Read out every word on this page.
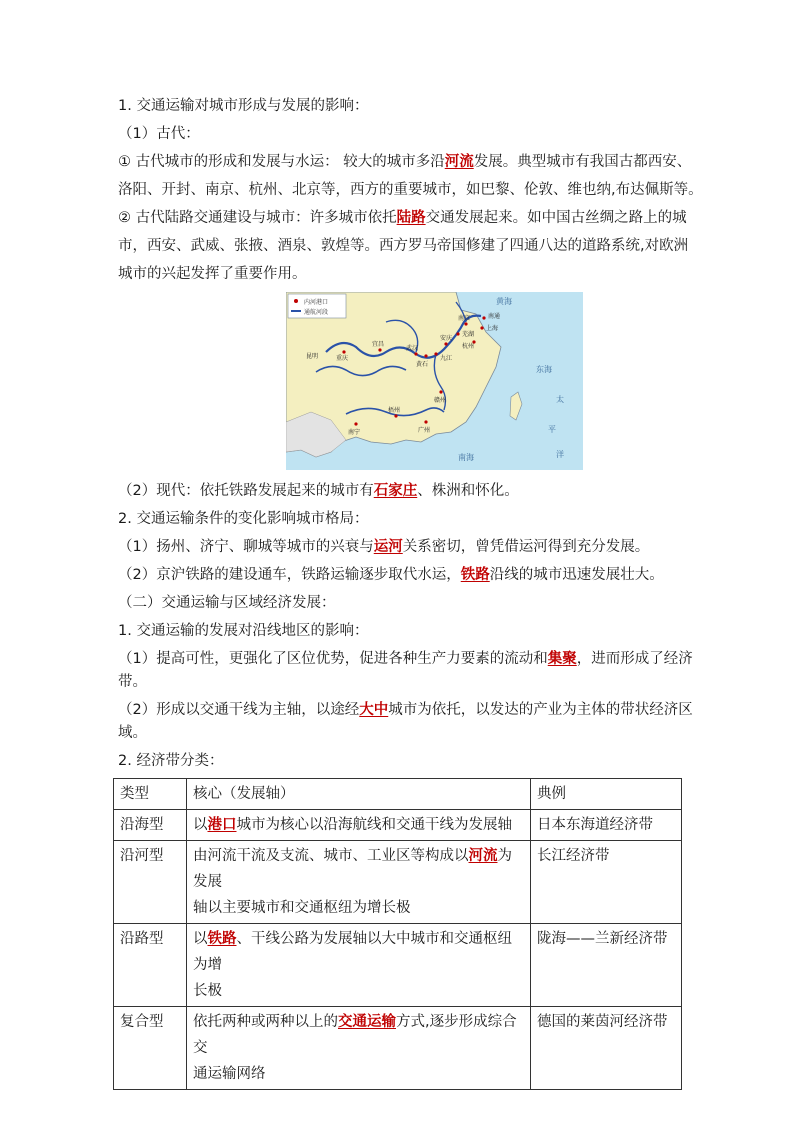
1. 交通运输对城市形成与发展的影响：
（1）古代：
① 古代城市的形成和发展与水运： 较大的城市多沿河流发展。典型城市有我国古都西安、
洛阳、开封、南京、杭州、北京等，西方的重要城市，如巴黎、伦敦、维也纳,布达佩斯等。
② 古代陆路交通建设与城市：许多城市依托陆路交通发展起来。如中国古丝绸之路上的城
市，西安、武威、张掖、酒泉、敦煌等。西方罗马帝国修建了四通八达的道路系统,对欧洲
城市的兴起发挥了重要作用。
内河港口
通航河段
重庆
宜昌
武汉
南京
芜湖
南通
上海
杭州
安庆
九江
黄石
赣州
梧州
广州
南宁
昆明
黄海
东海
南海
太
平
洋
（2）现代：依托铁路发展起来的城市有石家庄、株洲和怀化。
2. 交通运输条件的变化影响城市格局：
（1）扬州、济宁、聊城等城市的兴衰与运河关系密切，曾凭借运河得到充分发展。
（2）京沪铁路的建设通车，铁路运输逐步取代水运，铁路沿线的城市迅速发展壮大。
（二）交通运输与区域经济发展：
1. 交通运输的发展对沿线地区的影响：
（1）提高可性，更强化了区位优势，促进各种生产力要素的流动和集聚，进而形成了经济
带。
（2）形成以交通干线为主轴，以途经大中城市为依托，以发达的产业为主体的带状经济区
域。
2. 经济带分类：
类型	核心（发展轴）	典例
沿海型	以港口城市为核心以沿海航线和交通干线为发展轴	日本东海道经济带
沿河型	由河流干流及支流、城市、工业区等构成以河流为发展
轴以主要城市和交通枢纽为增长极	长江经济带
沿路型	以铁路、干线公路为发展轴以大中城市和交通枢纽为增
长极	陇海——兰新经济带
复合型	依托两种或两种以上的交通运输方式,逐步形成综合交
通运输网络	德国的莱茵河经济带
